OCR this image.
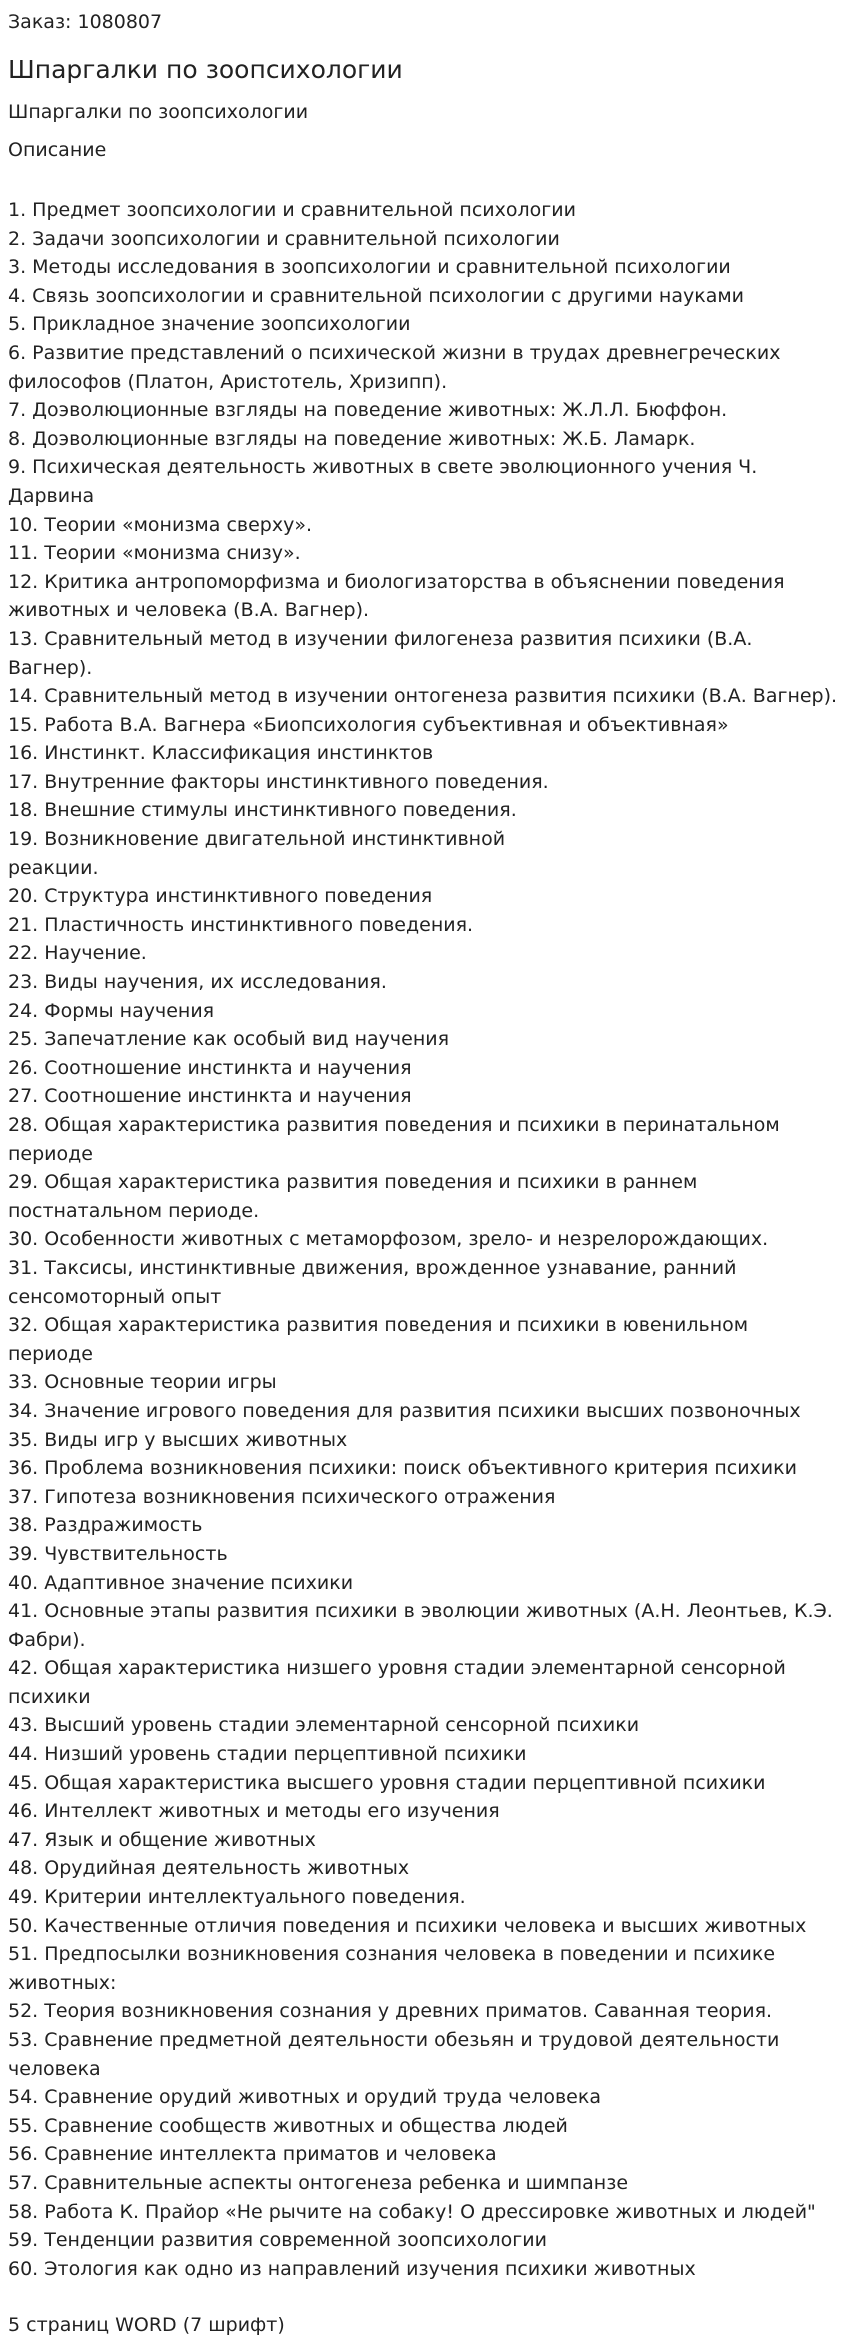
Заказ: 1080807
Шпаргалки по зоопсихологии
Шпаргалки по зоопсихологии
Описание
1. Предмет зоопсихологии и сравнительной психологии
2. Задачи зоопсихологии и сравнительной психологии
3. Методы исследования в зоопсихологии и сравнительной психологии
4. Связь зоопсихологии и сравнительной психологии с другими науками
5. Прикладное значение зоопсихологии
6. Развитие представлений о психической жизни в трудах древнегреческих философов (Платон, Аристотель, Хризипп).
7. Доэволюционные взгляды на поведение животных: Ж.Л.Л. Бюффон.
8. Доэволюционные взгляды на поведение животных: Ж.Б. Ламарк.
9. Психическая деятельность животных в свете эволюционного учения Ч. Дарвина
10. Теории «монизма сверху».
11. Теории «монизма снизу».
12. Критика антропоморфизма и биологизаторства в объяснении поведения животных и человека (В.А. Вагнер).
13. Сравнительный метод в изучении филогенеза развития психики (В.А. Вагнер).
14. Сравнительный метод в изучении онтогенеза развития психики (В.А. Вагнер).
15. Работа В.А. Вагнера «Биопсихология субъективная и объективная»
16. Инстинкт. Классификация инстинктов
17. Внутренние факторы инстинктивного поведения.
18. Внешние стимулы инстинктивного поведения.
19. Возникновение двигательной инстинктивной
реакции.
20. Структура инстинктивного поведения
21. Пластичность инстинктивного поведения.
22. Научение.
23. Виды научения, их исследования.
24. Формы научения
25. Запечатление как особый вид научения
26. Соотношение инстинкта и научения
27. Соотношение инстинкта и научения
28. Общая характеристика развития поведения и психики в перинатальном периоде
29. Общая характеристика развития поведения и психики в раннем постнатальном периоде.
30. Особенности животных с метаморфозом, зрело- и незрелорождающих.
31. Таксисы, инстинктивные движения, врожденное узнавание, ранний сенсомоторный опыт
32. Общая характеристика развития поведения и психики в ювенильном периоде
33. Основные теории игры
34. Значение игрового поведения для развития психики высших позвоночных
35. Виды игр у высших животных
36. Проблема возникновения психики: поиск объективного критерия психики
37. Гипотеза возникновения психического отражения
38. Раздражимость
39. Чувствительность
40. Адаптивное значение психики
41. Основные этапы развития психики в эволюции животных (А.Н. Леонтьев, К.Э. Фабри).
42. Общая характеристика низшего уровня стадии элементарной сенсорной психики
43. Высший уровень стадии элементарной сенсорной психики
44. Низший уровень стадии перцептивной психики
45. Общая характеристика высшего уровня стадии перцептивной психики
46. Интеллект животных и методы его изучения
47. Язык и общение животных
48. Орудийная деятельность животных
49. Критерии интеллектуального поведения.
50. Качественные отличия поведения и психики человека и высших животных
51. Предпосылки возникновения сознания человека в поведении и психике животных:
52. Теория возникновения сознания у древних приматов. Саванная теория.
53. Сравнение предметной деятельности обезьян и трудовой деятельности человека
54. Сравнение орудий животных и орудий труда человека
55. Сравнение сообществ животных и общества людей
56. Сравнение интеллекта приматов и человека
57. Сравнительные аспекты онтогенеза ребенка и шимпанзе
58. Работа К. Прайор «Не рычите на собаку! О дрессировке животных и людей"
59. Тенденции развития современной зоопсихологии
60. Этология как одно из направлений изучения психики животных
5 страниц WORD (7 шрифт)
